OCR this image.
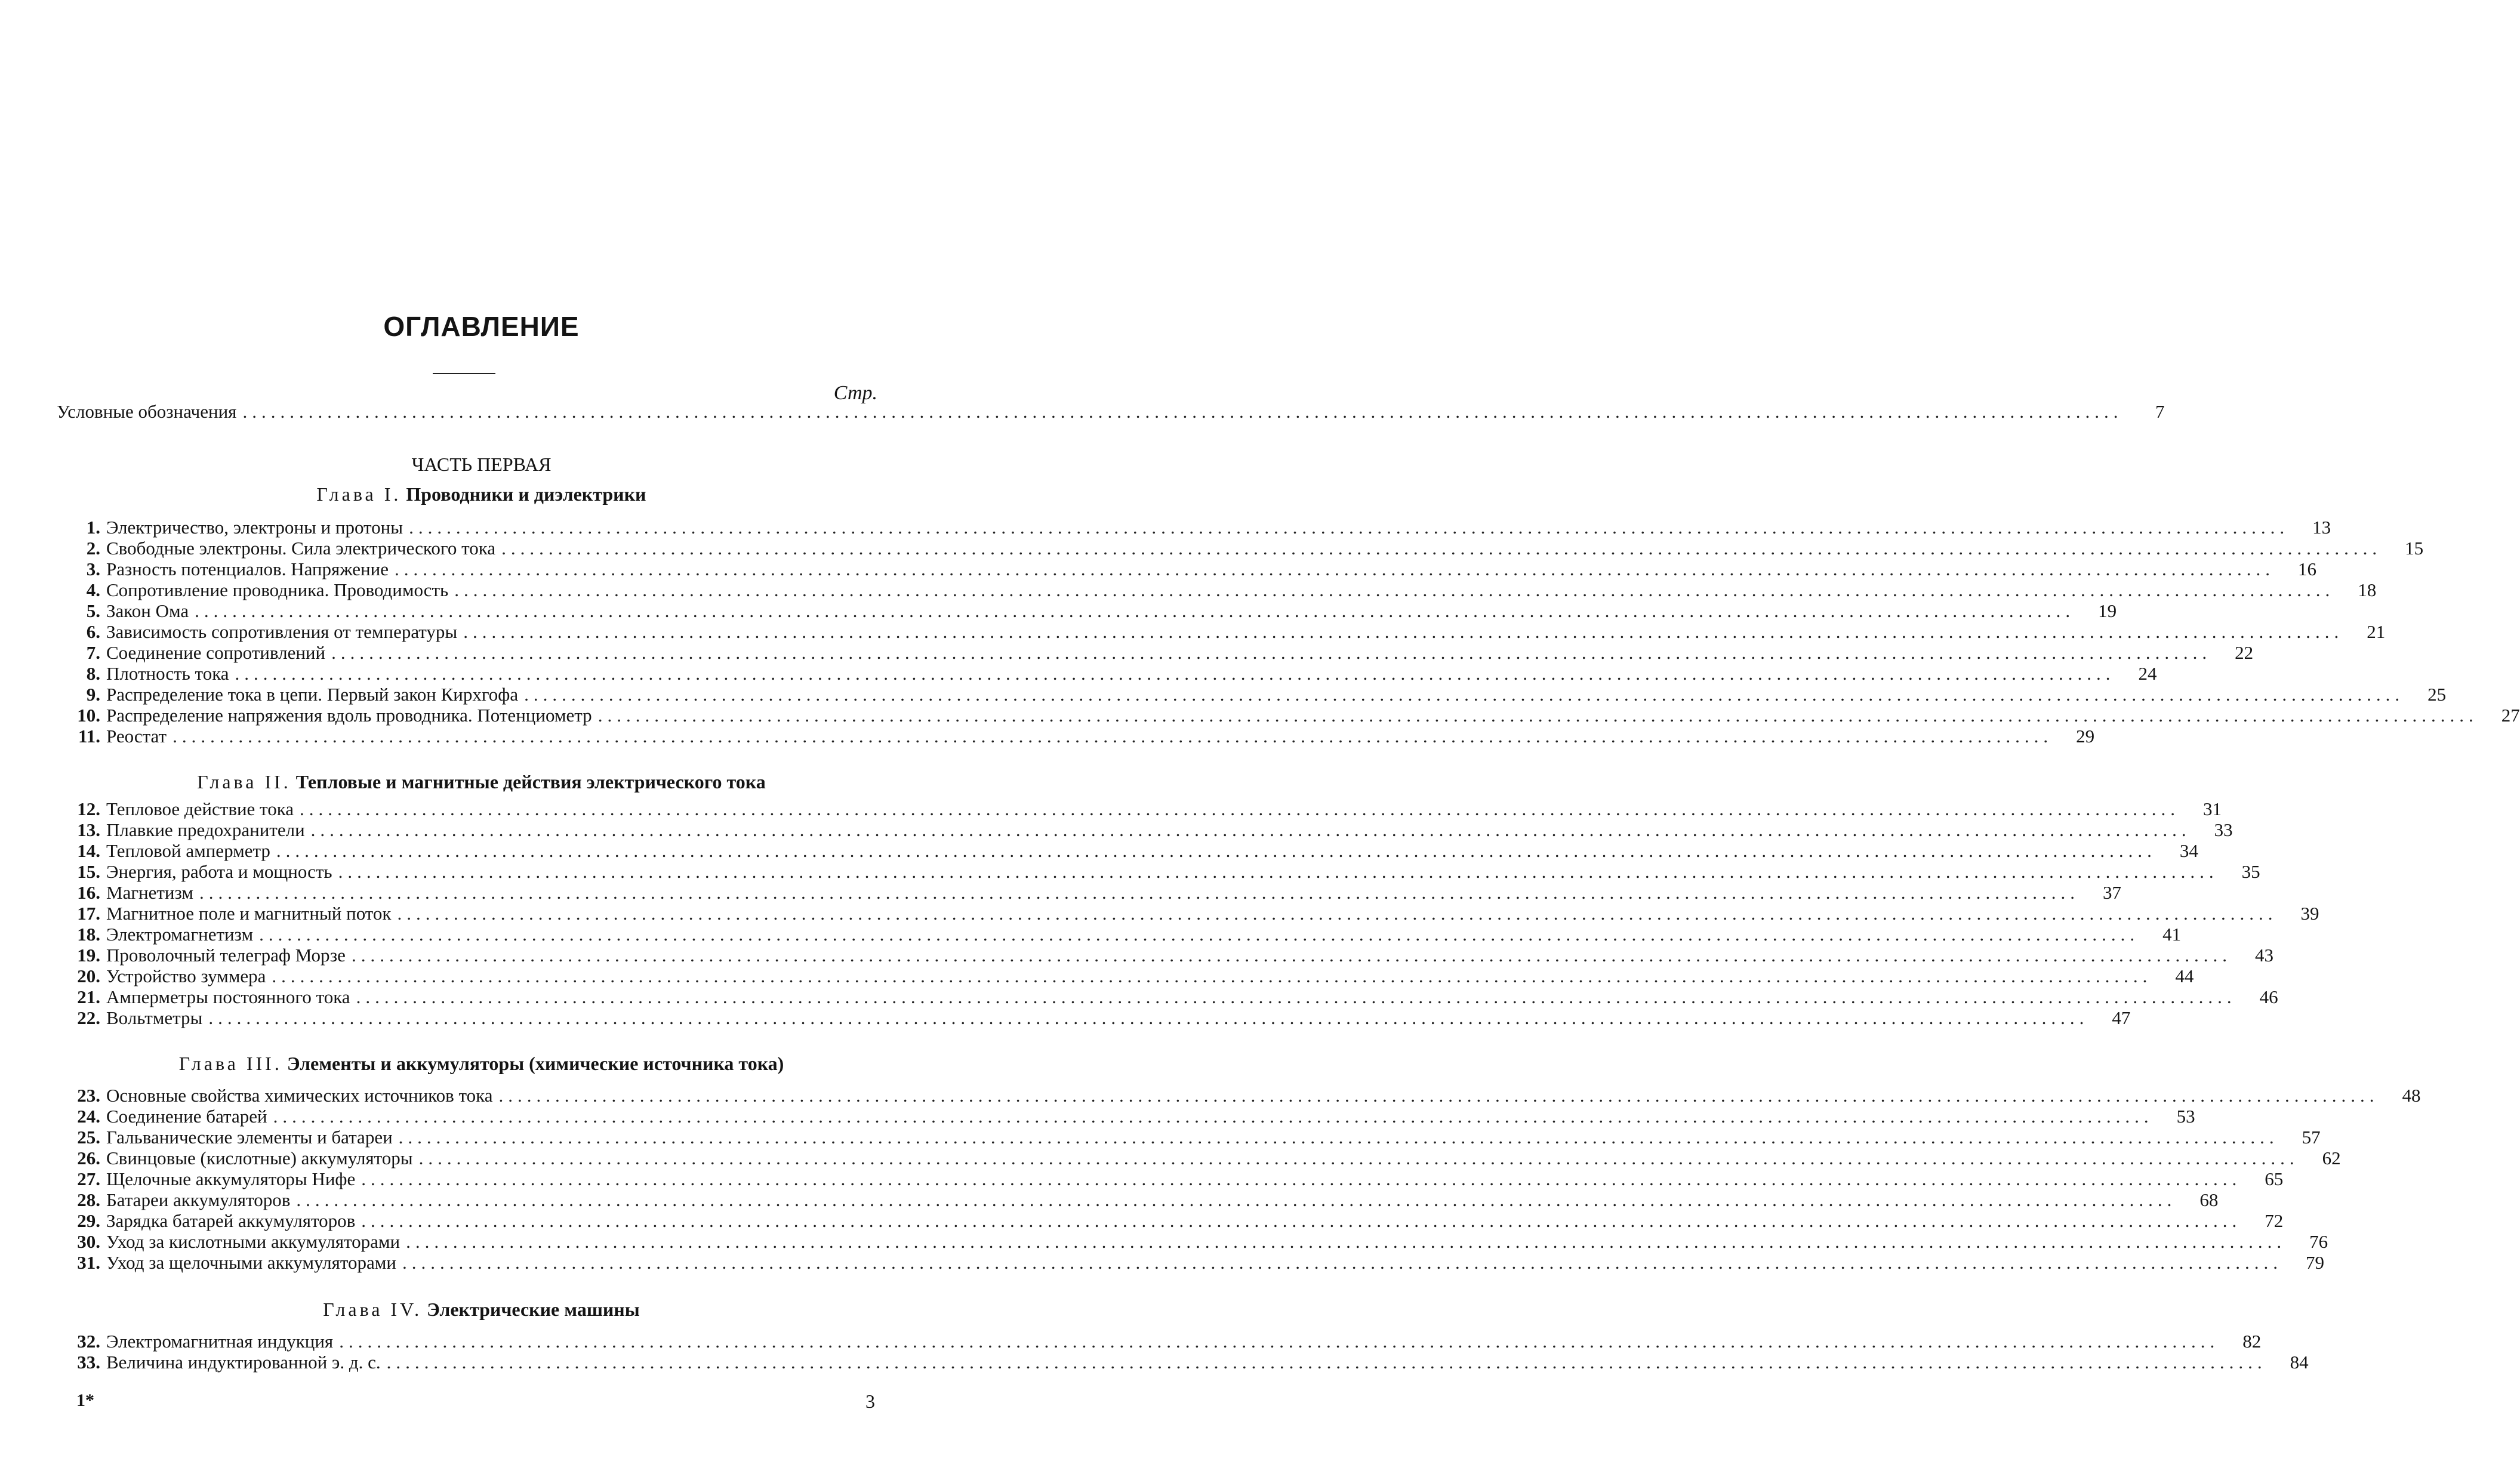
ОГЛАВЛЕНИЕ
Стр.
Условные обозначения ........................................................................................................................................................................................................	7
ЧАСТЬ ПЕРВАЯ
Глава I. Проводники и диэлектрики
1. Электричество, электроны и протоны ........................................................................................................................................................................................................	13
2. Свободные электроны. Сила электрического тока ........................................................................................................................................................................................................	15
3. Разность потенциалов. Напряжение ........................................................................................................................................................................................................	16
4. Сопротивление проводника. Проводимость ........................................................................................................................................................................................................	18
5. Закон Ома ........................................................................................................................................................................................................	19
6. Зависимость сопротивления от температуры ........................................................................................................................................................................................................	21
7. Соединение сопротивлений ........................................................................................................................................................................................................	22
8. Плотность тока ........................................................................................................................................................................................................	24
9. Распределение тока в цепи. Первый закон Кирхгофа ........................................................................................................................................................................................................	25
10. Распределение напряжения вдоль проводника. Потенциометр ........................................................................................................................................................................................................	27
11. Реостат ........................................................................................................................................................................................................	29
Глава II. Тепловые и магнитные действия электрического тока
12. Тепловое действие тока ........................................................................................................................................................................................................	31
13. Плавкие предохранители ........................................................................................................................................................................................................	33
14. Тепловой амперметр ........................................................................................................................................................................................................	34
15. Энергия, работа и мощность ........................................................................................................................................................................................................	35
16. Магнетизм ........................................................................................................................................................................................................	37
17. Магнитное поле и магнитный поток ........................................................................................................................................................................................................	39
18. Электромагнетизм ........................................................................................................................................................................................................	41
19. Проволочный телеграф Морзе ........................................................................................................................................................................................................	43
20. Устройство зуммера ........................................................................................................................................................................................................	44
21. Амперметры постоянного тока ........................................................................................................................................................................................................	46
22. Вольтметры ........................................................................................................................................................................................................	47
Глава III. Элементы и аккумуляторы (химические источника тока)
23. Основные свойства химических источников тока ........................................................................................................................................................................................................	48
24. Соединение батарей ........................................................................................................................................................................................................	53
25. Гальванические элементы и батареи ........................................................................................................................................................................................................	57
26. Свинцовые (кислотные) аккумуляторы ........................................................................................................................................................................................................	62
27. Щелочные аккумуляторы Нифе ........................................................................................................................................................................................................	65
28. Батареи аккумуляторов ........................................................................................................................................................................................................	68
29. Зарядка батарей аккумуляторов ........................................................................................................................................................................................................	72
30. Уход за кислотными аккумуляторами ........................................................................................................................................................................................................	76
31. Уход за щелочными аккумуляторами ........................................................................................................................................................................................................	79
Глава IV. Электрические машины
32. Электромагнитная индукция ........................................................................................................................................................................................................	82
33. Величина индуктированной э. д. с. ........................................................................................................................................................................................................	84
1*	3
